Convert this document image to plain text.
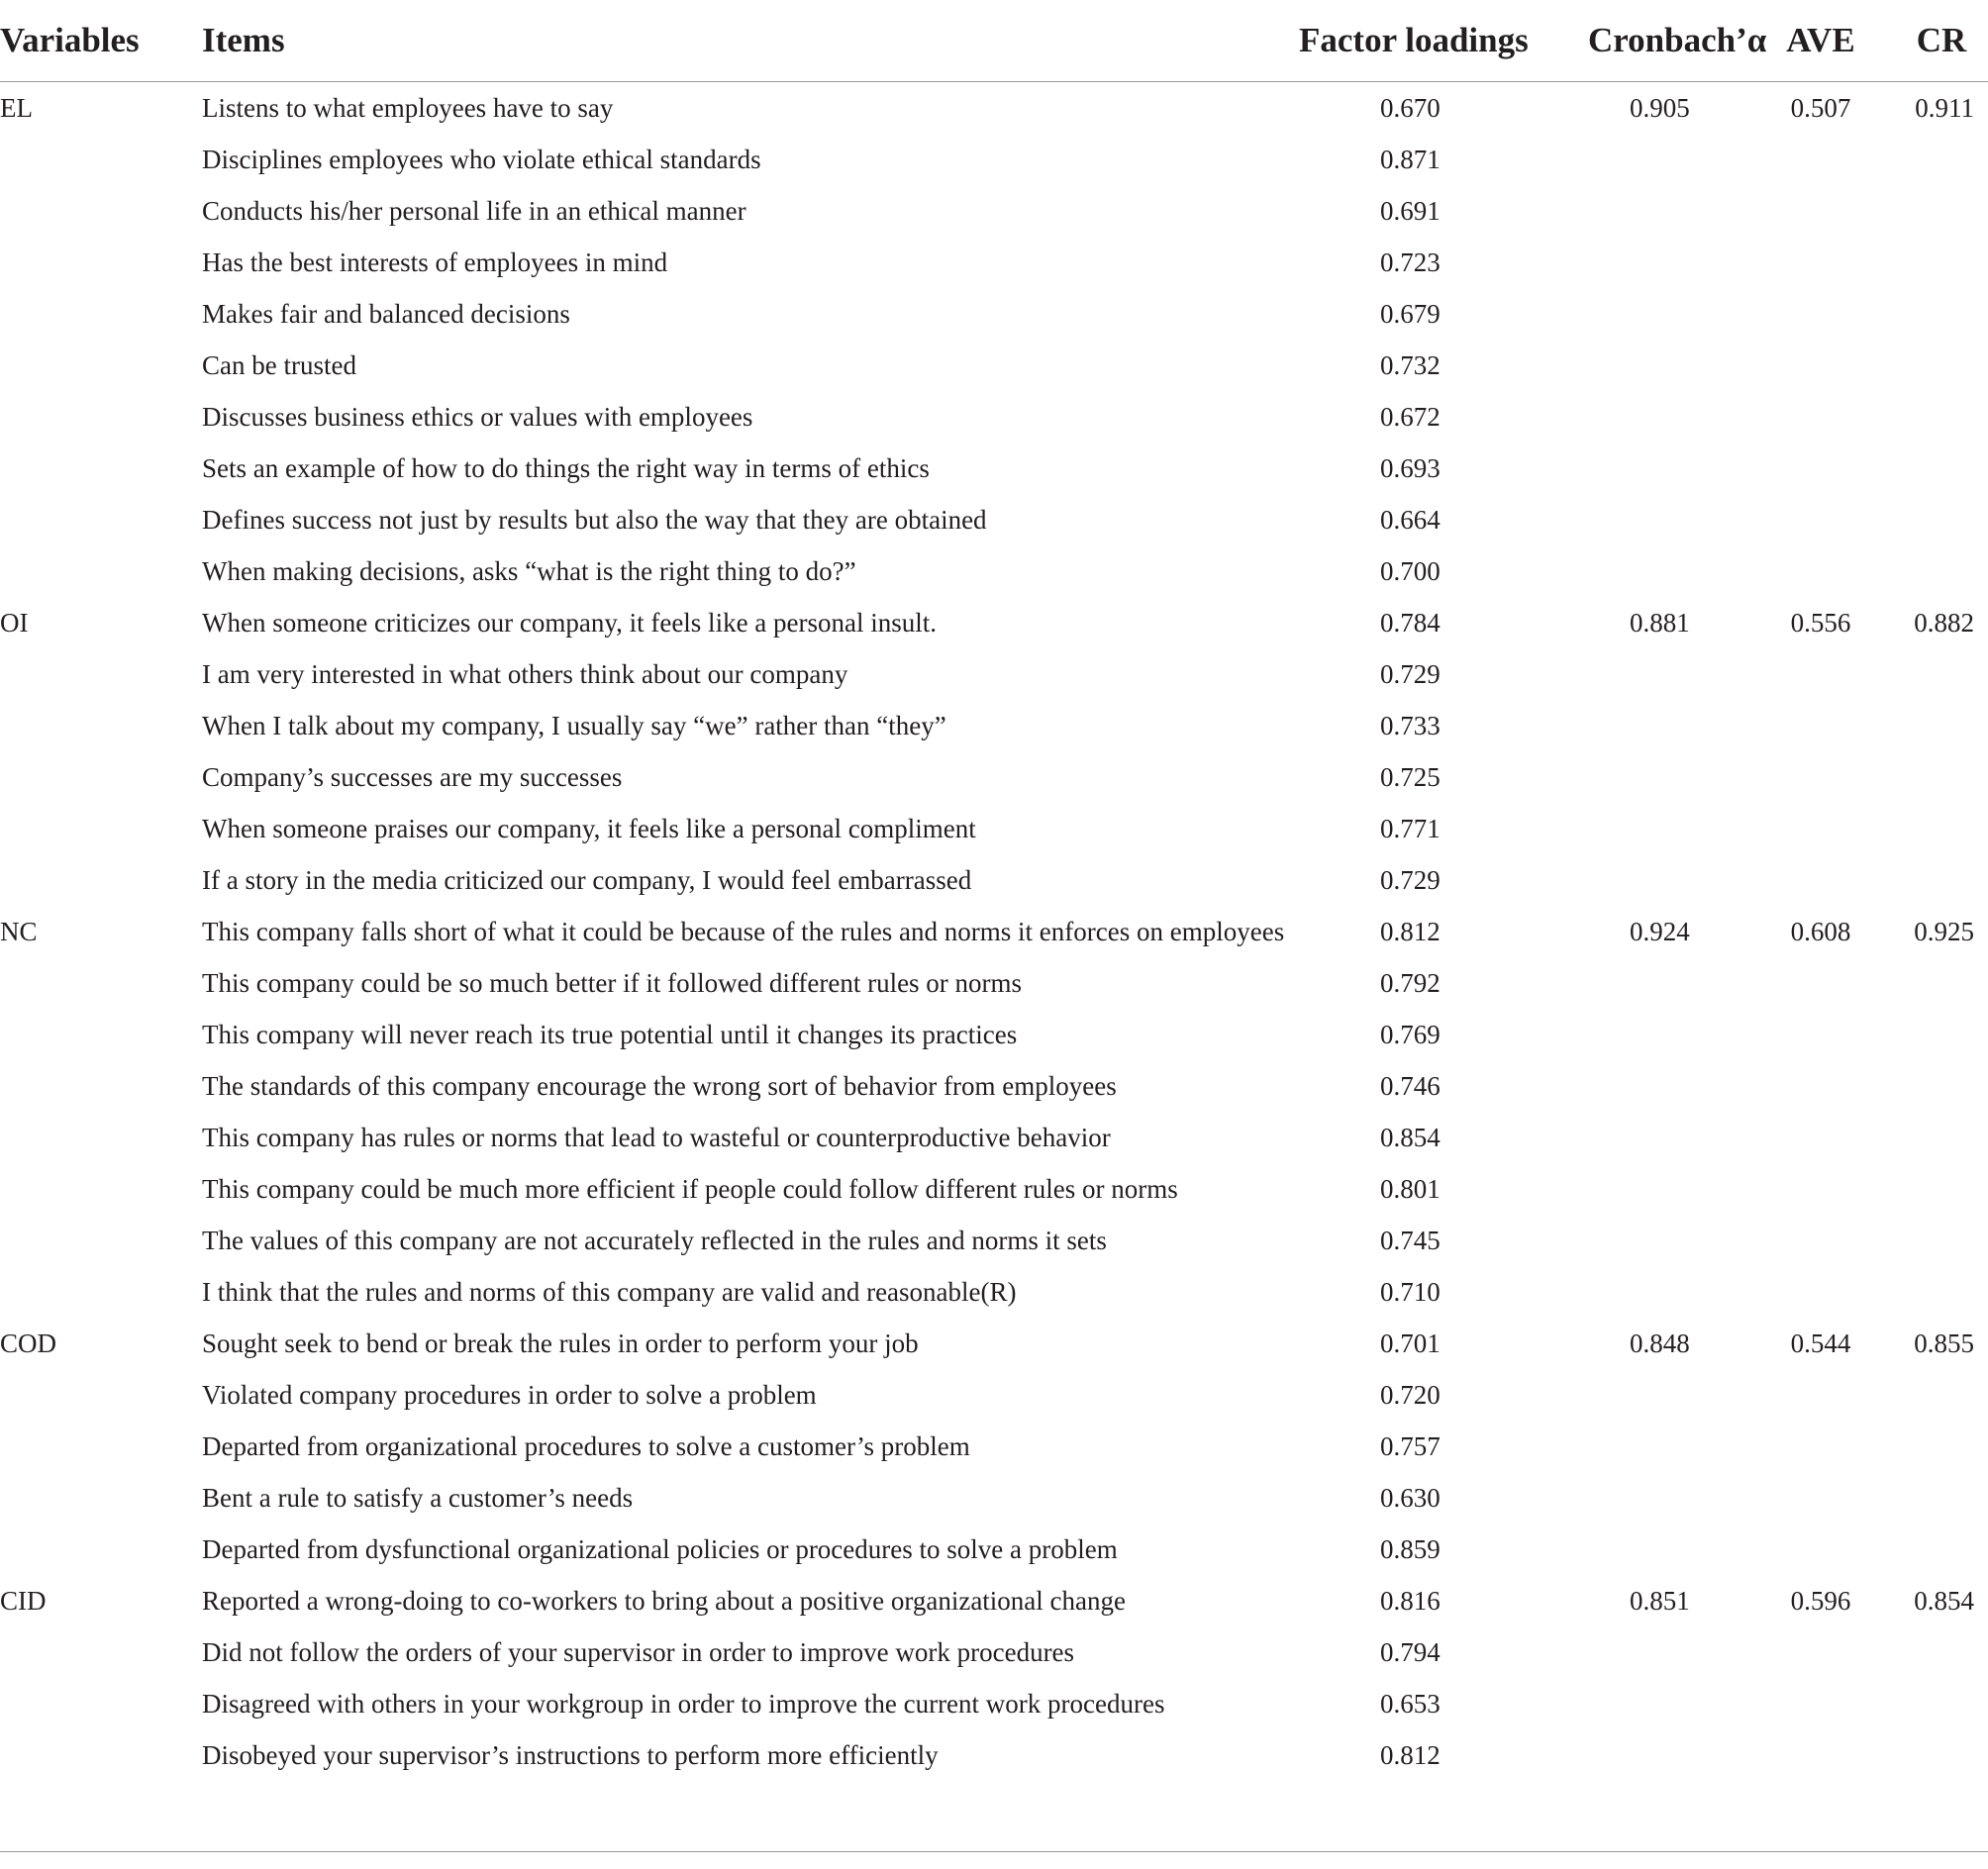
Variables	Items	Factor loadings	Cronbach’α	AVE	CR
EL	Listens to what employees have to say	0.670	0.905	0.507	0.911
	Disciplines employees who violate ethical standards	0.871			
	Conducts his/her personal life in an ethical manner	0.691			
	Has the best interests of employees in mind	0.723			
	Makes fair and balanced decisions	0.679			
	Can be trusted	0.732			
	Discusses business ethics or values with employees	0.672			
	Sets an example of how to do things the right way in terms of ethics	0.693			
	Defines success not just by results but also the way that they are obtained	0.664			
	When making decisions, asks “what is the right thing to do?”	0.700			
OI	When someone criticizes our company, it feels like a personal insult.	0.784	0.881	0.556	0.882
	I am very interested in what others think about our company	0.729			
	When I talk about my company, I usually say “we” rather than “they”	0.733			
	Company’s successes are my successes	0.725			
	When someone praises our company, it feels like a personal compliment	0.771			
	If a story in the media criticized our company, I would feel embarrassed	0.729			
NC	This company falls short of what it could be because of the rules and norms it enforces on employees	0.812	0.924	0.608	0.925
	This company could be so much better if it followed different rules or norms	0.792			
	This company will never reach its true potential until it changes its practices	0.769			
	The standards of this company encourage the wrong sort of behavior from employees	0.746			
	This company has rules or norms that lead to wasteful or counterproductive behavior	0.854			
	This company could be much more efficient if people could follow different rules or norms	0.801			
	The values of this company are not accurately reflected in the rules and norms it sets	0.745			
	I think that the rules and norms of this company are valid and reasonable(R)	0.710			
COD	Sought seek to bend or break the rules in order to perform your job	0.701	0.848	0.544	0.855
	Violated company procedures in order to solve a problem	0.720			
	Departed from organizational procedures to solve a customer’s problem	0.757			
	Bent a rule to satisfy a customer’s needs	0.630			
	Departed from dysfunctional organizational policies or procedures to solve a problem	0.859			
CID	Reported a wrong-doing to co-workers to bring about a positive organizational change	0.816	0.851	0.596	0.854
	Did not follow the orders of your supervisor in order to improve work procedures	0.794			
	Disagreed with others in your workgroup in order to improve the current work procedures	0.653			
	Disobeyed your supervisor’s instructions to perform more efficiently	0.812			
